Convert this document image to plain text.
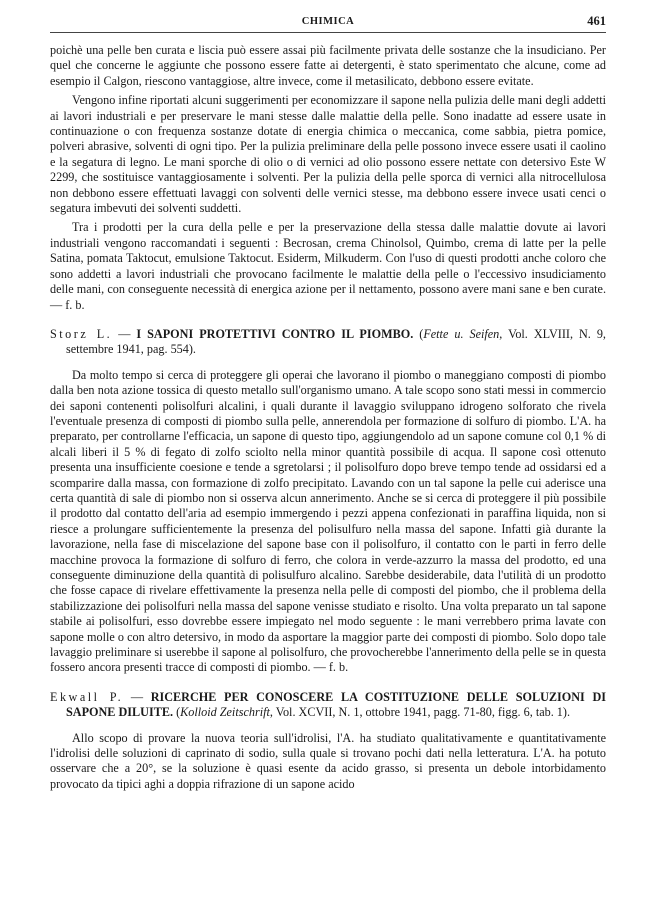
CHIMICA	461

poichè una pelle ben curata e liscia può essere assai più facilmente privata delle sostanze che la insudiciano. Per quel che concerne le aggiunte che possono essere fatte ai detergenti, è stato sperimentato che alcune, come ad esempio il Calgon, riescono vantaggiose, altre invece, come il metasilicato, debbono essere evitate.

Vengono infine riportati alcuni suggerimenti per economizzare il sapone nella pulizia delle mani degli addetti ai lavori industriali e per preservare le mani stesse dalle malattie della pelle. Sono inadatte ad essere usate in continuazione o con frequenza sostanze dotate di energia chimica o meccanica, come sabbia, pietra pomice, polveri abrasive, solventi di ogni tipo. Per la pulizia preliminare della pelle possono invece essere usati il caolino e la segatura di legno. Le mani sporche di olio o di vernici ad olio possono essere nettate con detersivo Este W 2299, che sostituisce vantaggiosamente i solventi. Per la pulizia della pelle sporca di vernici alla nitrocellulosa non debbono essere effettuati lavaggi con solventi delle vernici stesse, ma debbono essere invece usati cenci o segatura imbevuti dei solventi suddetti.

Tra i prodotti per la cura della pelle e per la preservazione della stessa dalle malattie dovute ai lavori industriali vengono raccomandati i seguenti : Becrosan, crema Chinolsol, Quimbo, crema di latte per la pelle Satina, pomata Taktocut, emulsione Taktocut. Esiderm, Milkuderm. Con l'uso di questi prodotti anche coloro che sono addetti a lavori industriali che provocano facilmente le malattie della pelle o l'eccessivo insudiciamento delle mani, con conseguente necessità di energica azione per il nettamento, possono avere mani sane e ben curate. — f. b.

Storz L. — I SAPONI PROTETTIVI CONTRO IL PIOMBO. (Fette u. Seifen, Vol. XLVIII, N. 9, settembre 1941, pag. 554).

Da molto tempo si cerca di proteggere gli operai che lavorano il piombo o maneggiano composti di piombo dalla ben nota azione tossica di questo metallo sull'organismo umano. A tale scopo sono stati messi in commercio dei saponi contenenti polisolfuri alcalini, i quali durante il lavaggio sviluppano idrogeno solforato che rivela l'eventuale presenza di composti di piombo sulla pelle, annerendola per formazione di solfuro di piombo. L'A. ha preparato, per controllarne l'efficacia, un sapone di questo tipo, aggiungendolo ad un sapone comune col 0,1 % di alcali liberi il 5 % di fegato di zolfo sciolto nella minor quantità possibile di acqua. Il sapone così ottenuto presenta una insufficiente coesione e tende a sgretolarsi ; il polisolfuro dopo breve tempo tende ad ossidarsi ed a scomparire dalla massa, con formazione di zolfo precipitato. Lavando con un tal sapone la pelle cui aderisce una certa quantità di sale di piombo non si osserva alcun annerimento. Anche se si cerca di proteggere il più possibile il prodotto dal contatto dell'aria ad esempio immergendo i pezzi appena confezionati in paraffina liquida, non si riesce a prolungare sufficientemente la presenza del polisulfuro nella massa del sapone. Infatti già durante la lavorazione, nella fase di miscelazione del sapone base con il polisolfuro, il contatto con le parti in ferro delle macchine provoca la formazione di solfuro di ferro, che colora in verde-azzurro la massa del prodotto, ed una conseguente diminuzione della quantità di polisulfuro alcalino. Sarebbe desiderabile, data l'utilità di un prodotto che fosse capace di rivelare effettivamente la presenza nella pelle di composti del piombo, che il problema della stabilizzazione dei polisolfuri nella massa del sapone venisse studiato e risolto. Una volta preparato un tal sapone stabile ai polisolfuri, esso dovrebbe essere impiegato nel modo seguente : le mani verrebbero prima lavate con sapone molle o con altro detersivo, in modo da asportare la maggior parte dei composti di piombo. Solo dopo tale lavaggio preliminare si userebbe il sapone al polisolfuro, che provocherebbe l'annerimento della pelle se in questa fossero ancora presenti tracce di composti di piombo. — f. b.

Ekwall P. — RICERCHE PER CONOSCERE LA COSTITUZIONE DELLE SOLUZIONI DI SAPONE DILUITE. (Kolloid Zeitschrift, Vol. XCVII, N. 1, ottobre 1941, pagg. 71-80, figg. 6, tab. 1).

Allo scopo di provare la nuova teoria sull'idrolisi, l'A. ha studiato qualitativamente e quantitativamente l'idrolisi delle soluzioni di caprinato di sodio, sulla quale si trovano pochi dati nella letteratura. L'A. ha potuto osservare che a 20°, se la soluzione è quasi esente da acido grasso, si presenta un debole intorbidamento provocato da tipici aghi a doppia rifrazione di un sapone acido
